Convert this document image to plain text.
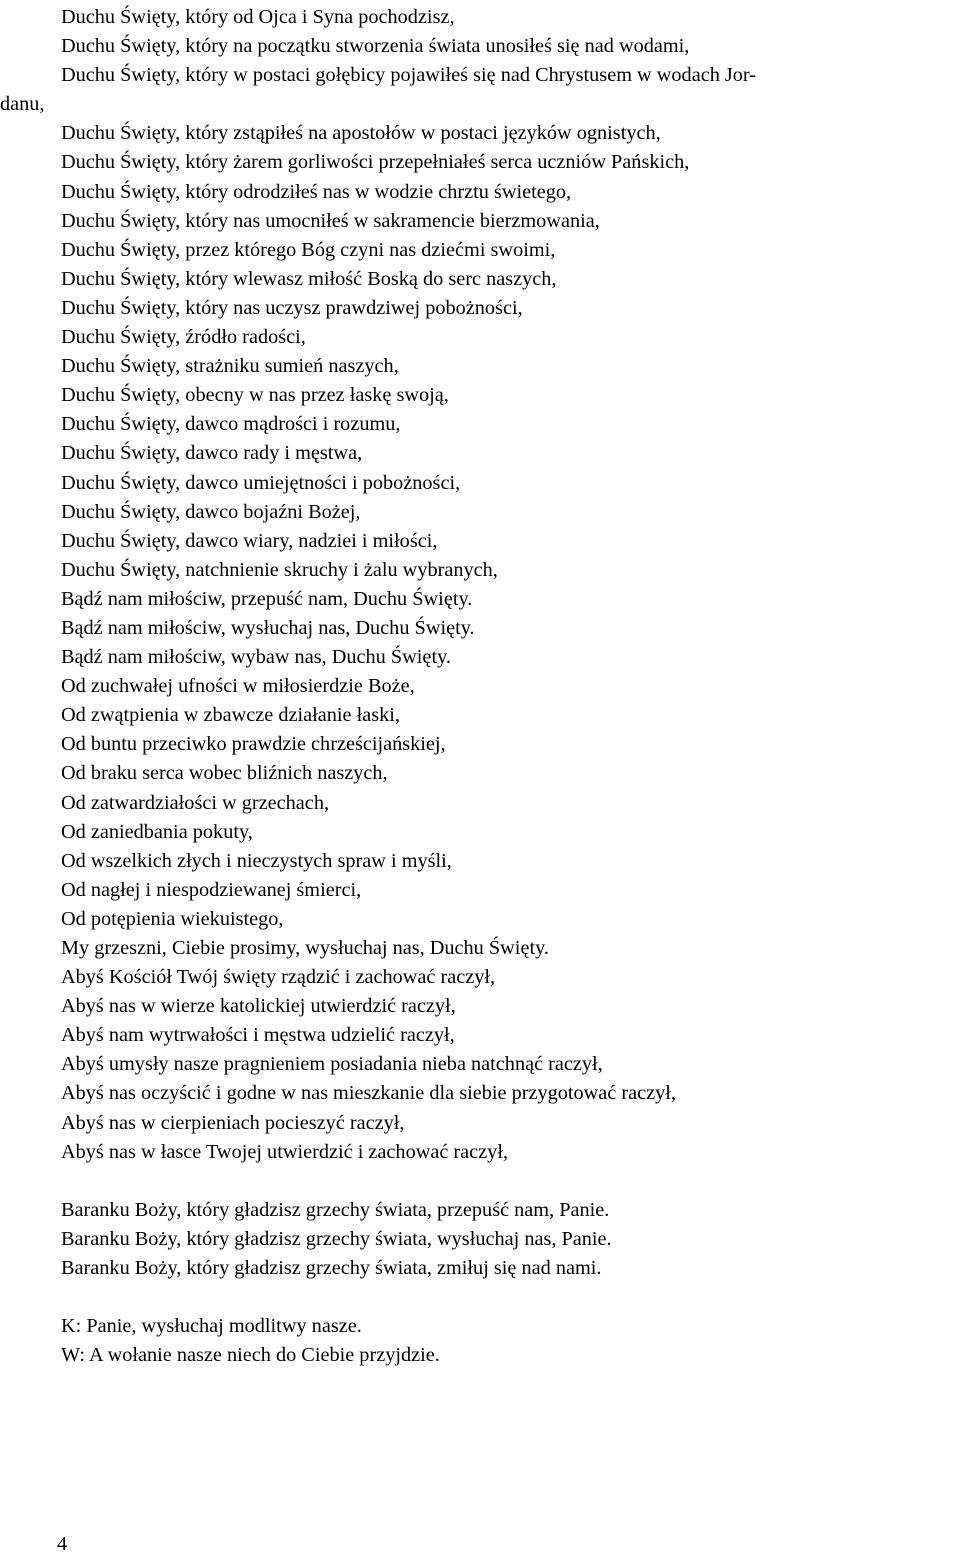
Duchu Święty, który od Ojca i Syna pochodzisz,
Duchu Święty, który na początku stworzenia świata unosiłeś się nad wodami,
Duchu Święty, który w postaci gołębicy pojawiłeś się nad Chrystusem w wodach Jor-
danu,
Duchu Święty, który zstąpiłeś na apostołów w postaci języków ognistych,
Duchu Święty, który żarem gorliwości przepełniałeś serca uczniów Pańskich,
Duchu Święty, który odrodziłeś nas w wodzie chrztu świetego,
Duchu Święty, który nas umocniłeś w sakramencie bierzmowania,
Duchu Święty, przez którego Bóg czyni nas dziećmi swoimi,
Duchu Święty, który wlewasz miłość Boską do serc naszych,
Duchu Święty, który nas uczysz prawdziwej pobożności,
Duchu Święty, źródło radości,
Duchu Święty, strażniku sumień naszych,
Duchu Święty, obecny w nas przez łaskę swoją,
Duchu Święty, dawco mądrości i rozumu,
Duchu Święty, dawco rady i męstwa,
Duchu Święty, dawco umiejętności i pobożności,
Duchu Święty, dawco bojaźni Bożej,
Duchu Święty, dawco wiary, nadziei i miłości,
Duchu Święty, natchnienie skruchy i żalu wybranych,
Bądź nam miłościw, przepuść nam, Duchu Święty.
Bądź nam miłościw, wysłuchaj nas, Duchu Święty.
Bądź nam miłościw, wybaw nas, Duchu Święty.
Od zuchwałej ufności w miłosierdzie Boże,
Od zwątpienia w zbawcze działanie łaski,
Od buntu przeciwko prawdzie chrześcijańskiej,
Od braku serca wobec bliźnich naszych,
Od zatwardziałości w grzechach,
Od zaniedbania pokuty,
Od wszelkich złych i nieczystych spraw i myśli,
Od nagłej i niespodziewanej śmierci,
Od potępienia wiekuistego,
My grzeszni, Ciebie prosimy, wysłuchaj nas, Duchu Święty.
Abyś Kościół Twój święty rządzić i zachować raczył,
Abyś nas w wierze katolickiej utwierdzić raczył,
Abyś nam wytrwałości i męstwa udzielić raczył,
Abyś umysły nasze pragnieniem posiadania nieba natchnąć raczył,
Abyś nas oczyścić i godne w nas mieszkanie dla siebie przygotować raczył,
Abyś nas w cierpieniach pocieszyć raczył,
Abyś nas w łasce Twojej utwierdzić i zachować raczył,
Baranku Boży, który gładzisz grzechy świata, przepuść nam, Panie.
Baranku Boży, który gładzisz grzechy świata, wysłuchaj nas, Panie.
Baranku Boży, który gładzisz grzechy świata, zmiłuj się nad nami.
K: Panie, wysłuchaj modlitwy nasze.
W: A wołanie nasze niech do Ciebie przyjdzie.
4
